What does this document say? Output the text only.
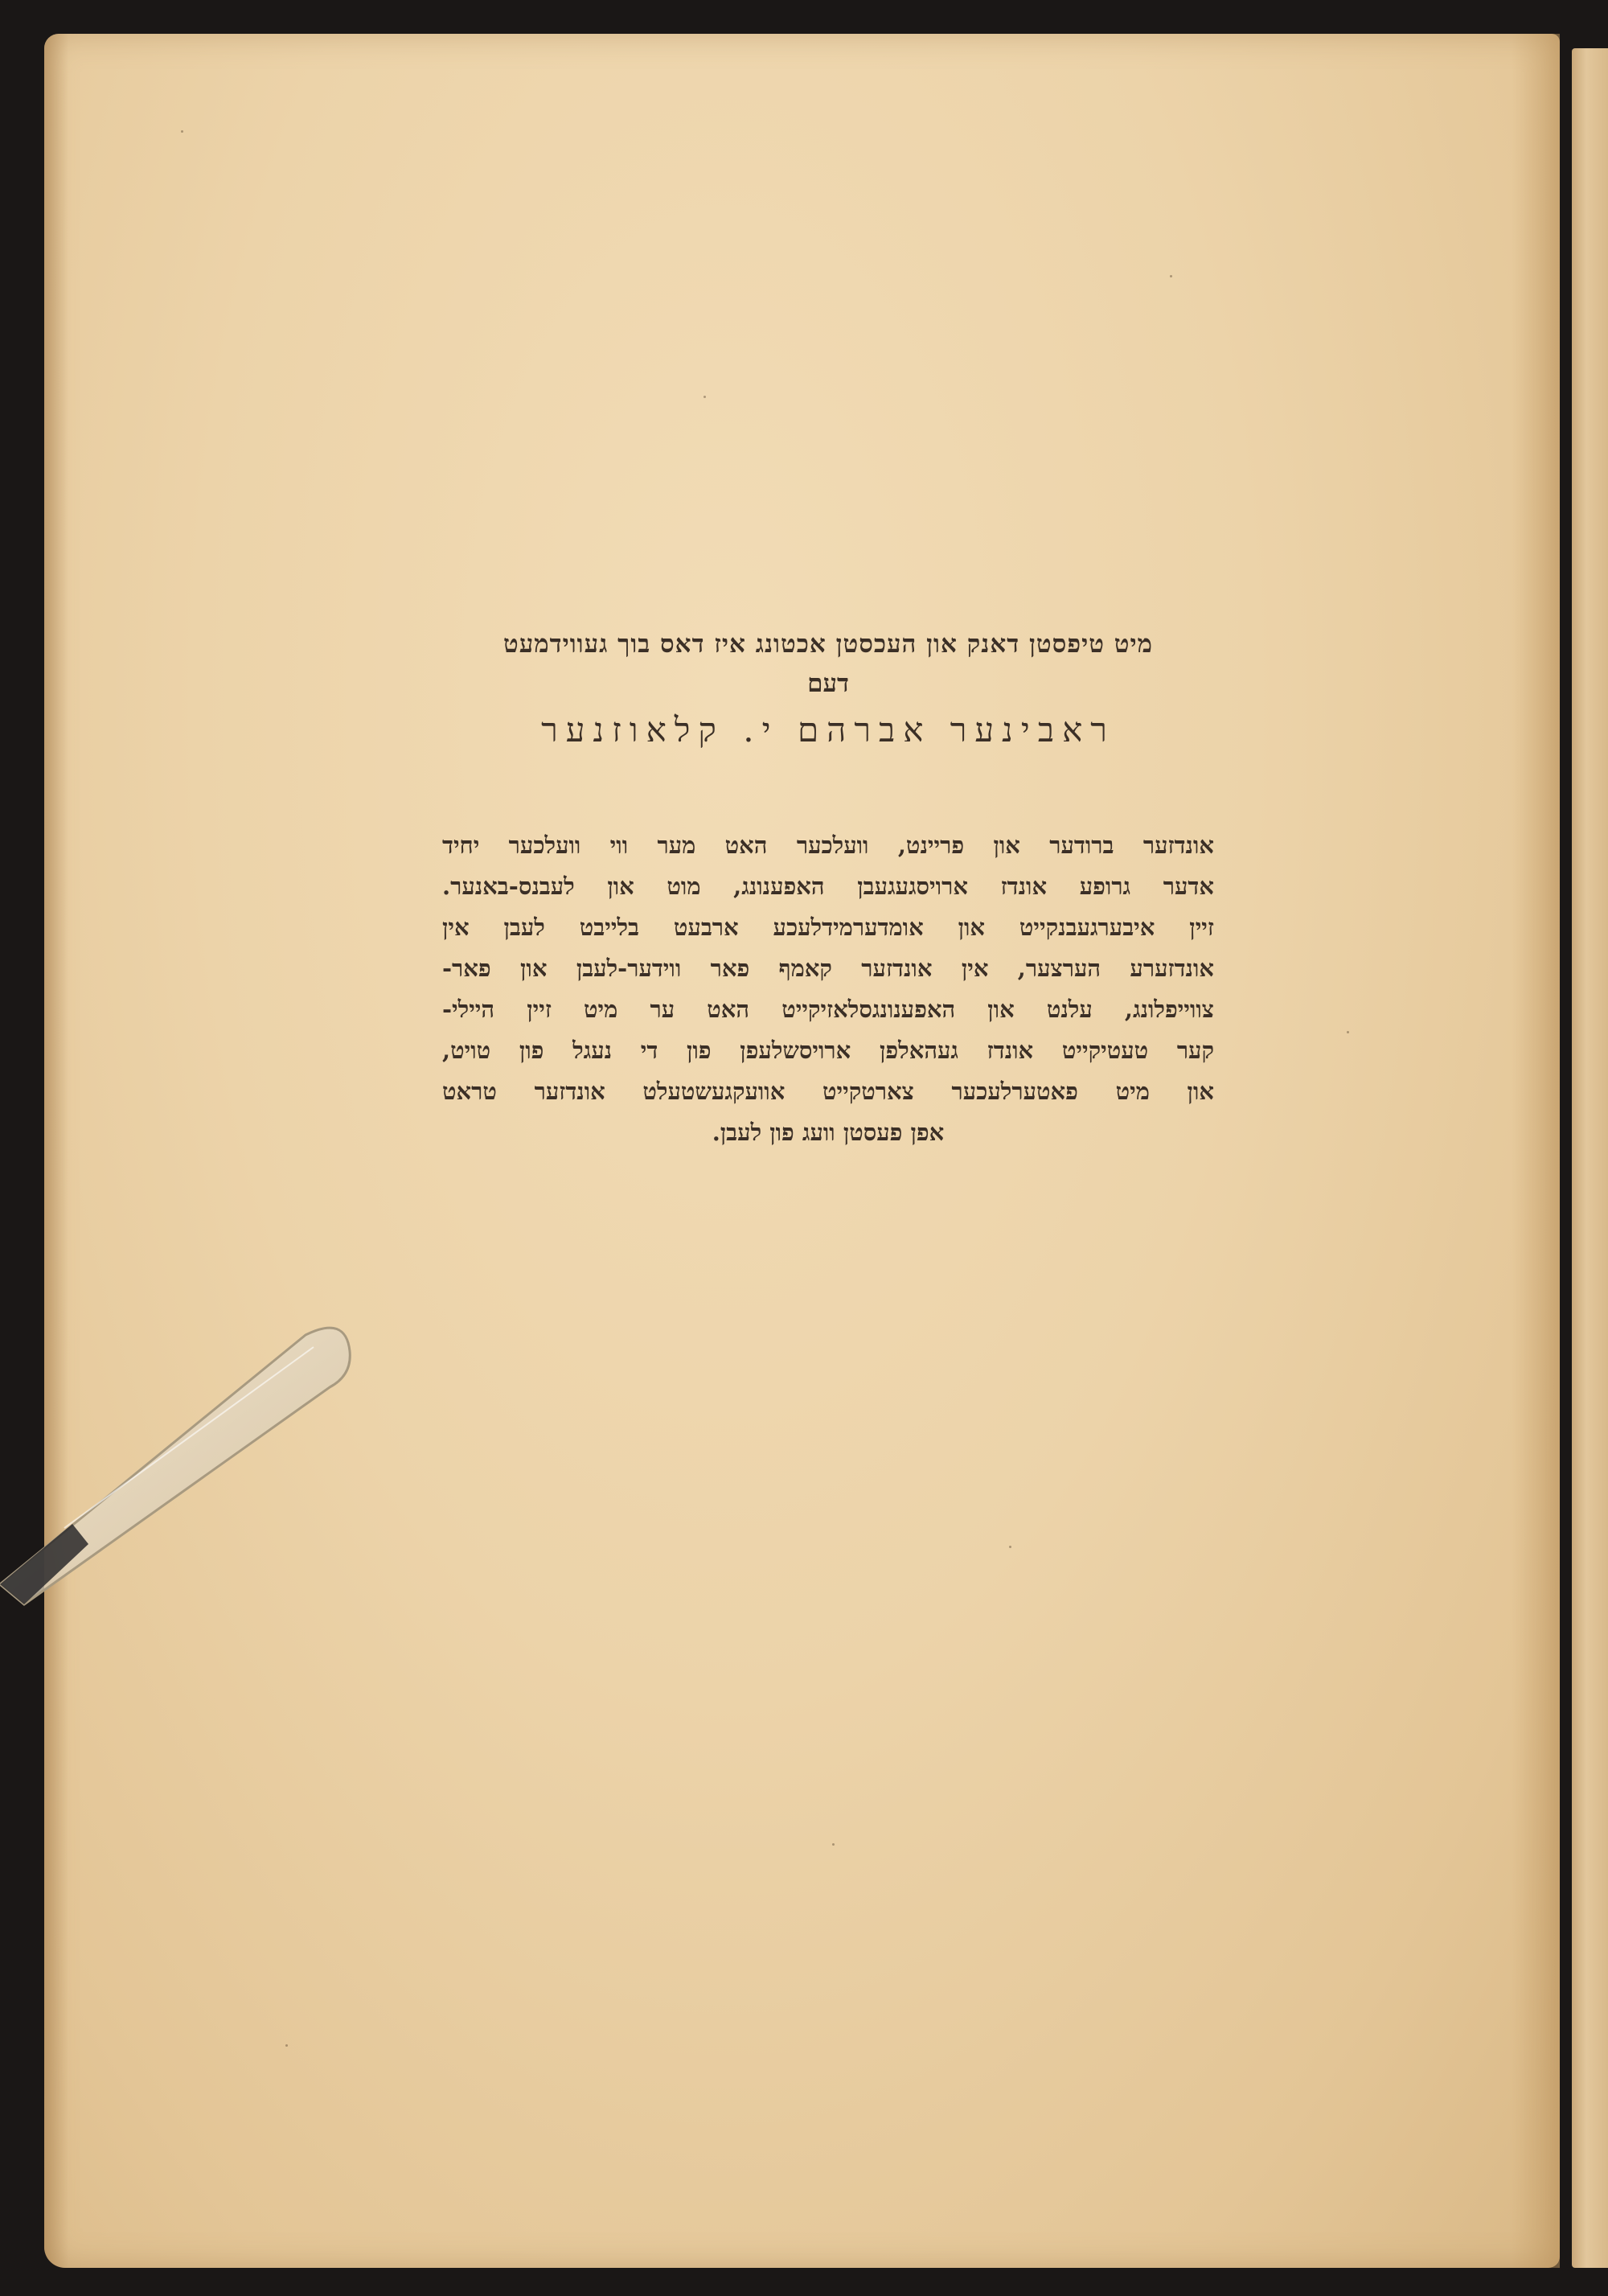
מיט טיפסטן דאנק און העכסטן אכטונג איז דאס בוך געווידמעט
דעם
ראבינער אברהם י. קלאוזנער
אונדזער ברודער און פריינט, וועלכער האט מער ווי וועלכער יחיד
אדער גרופע אונדז ארויסגעגעבן האפענונג, מוט און לעבנס-באנער.
זיין איבערגעבנקייט און אומדערמידלעכע ארבעט בלייבט לעבן אין
אונדזערע הערצער, אין אונדזער קאמף פאר ווידער-לעבן און פאר-
צווייפלונג, עלנט און האפענונגסלאזיקייט האט ער מיט זיין היילי-
קער טעטיקייט אונדז געהאלפן ארויסשלעפן פון די נעגל פון טויט,
און מיט פאטערלעכער צארטקייט אוועקגעשטעלט אונדזער טראט
אפן פעסטן וועג פון לעבן.
